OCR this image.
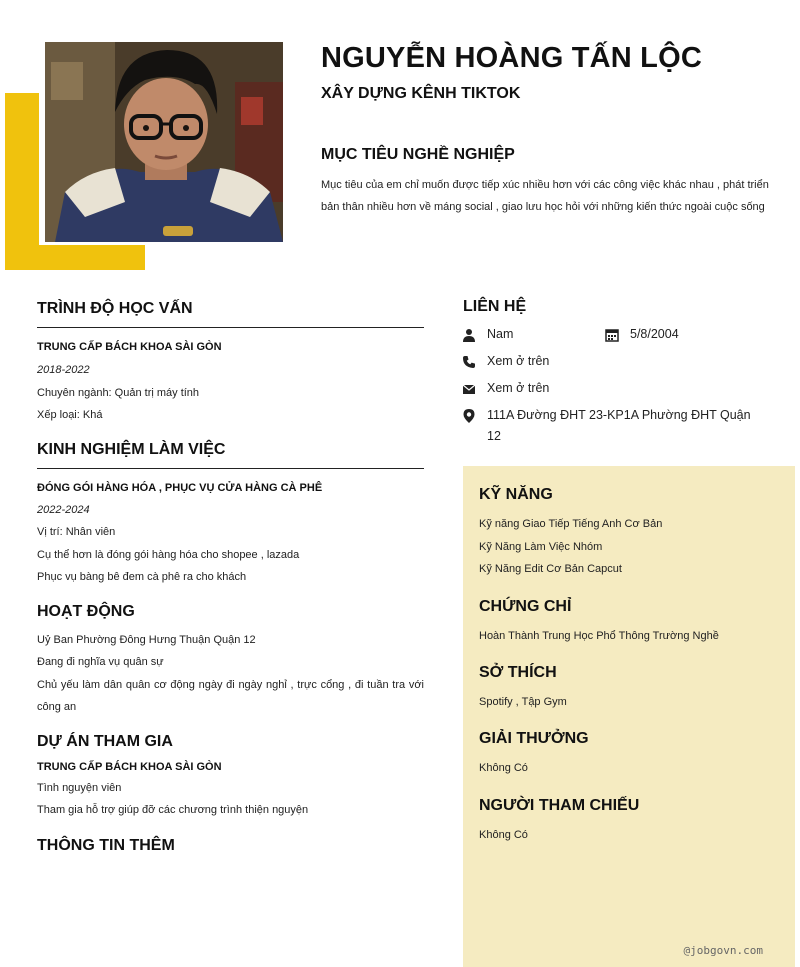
NGUYỄN HOÀNG TẤN LỘC
XÂY DỰNG KÊNH TIKTOK
MỤC TIÊU NGHỀ NGHIỆP
Mục tiêu của em chỉ muốn được tiếp xúc nhiều hơn với các công việc khác nhau , phát triển bản thân nhiều hơn về máng social , giao lưu học hỏi với những kiến thức ngoài cuộc sống
TRÌNH ĐỘ HỌC VẤN
TRUNG CẤP BÁCH KHOA SÀI GÒN
2018-2022
Chuyên ngành: Quản trị máy tính
Xếp loại: Khá
KINH NGHIỆM LÀM VIỆC
ĐÓNG GÓI HÀNG HÓA , PHỤC VỤ CỬA HÀNG CÀ PHÊ
2022-2024
Vị trí: Nhân viên
Cụ thể hơn là đóng gói hàng hóa cho shopee , lazada
Phục vụ bàng bê đem cà phê ra cho khách
HOẠT ĐỘNG
Uỷ Ban Phường Đông Hưng Thuận Quận 12
Đang đi nghĩa vụ quân sự
Chủ yếu làm dân quân cơ động ngày đi ngày nghỉ , trực cổng , đi tuần tra với công an
DỰ ÁN THAM GIA
TRUNG CẤP BÁCH KHOA SÀI GÒN
Tình nguyện viên
Tham gia hỗ trợ giúp đỡ các chương trình thiện nguyện
THÔNG TIN THÊM
LIÊN HỆ
Nam	5/8/2004
Xem ở trên
Xem ở trên
111A Đường ĐHT 23-KP1A Phường ĐHT Quận 12
KỸ NĂNG
Kỹ năng Giao Tiếp Tiếng Anh Cơ Bản
Kỹ Năng Làm Việc Nhóm
Kỹ Năng Edit Cơ Bản Capcut
CHỨNG CHỈ
Hoàn Thành Trung Học Phổ Thông Trường Nghề
SỞ THÍCH
Spotify , Tập Gym
GIẢI THƯỞNG
Không Có
NGƯỜI THAM CHIẾU
Không Có
@jobgovn.com
